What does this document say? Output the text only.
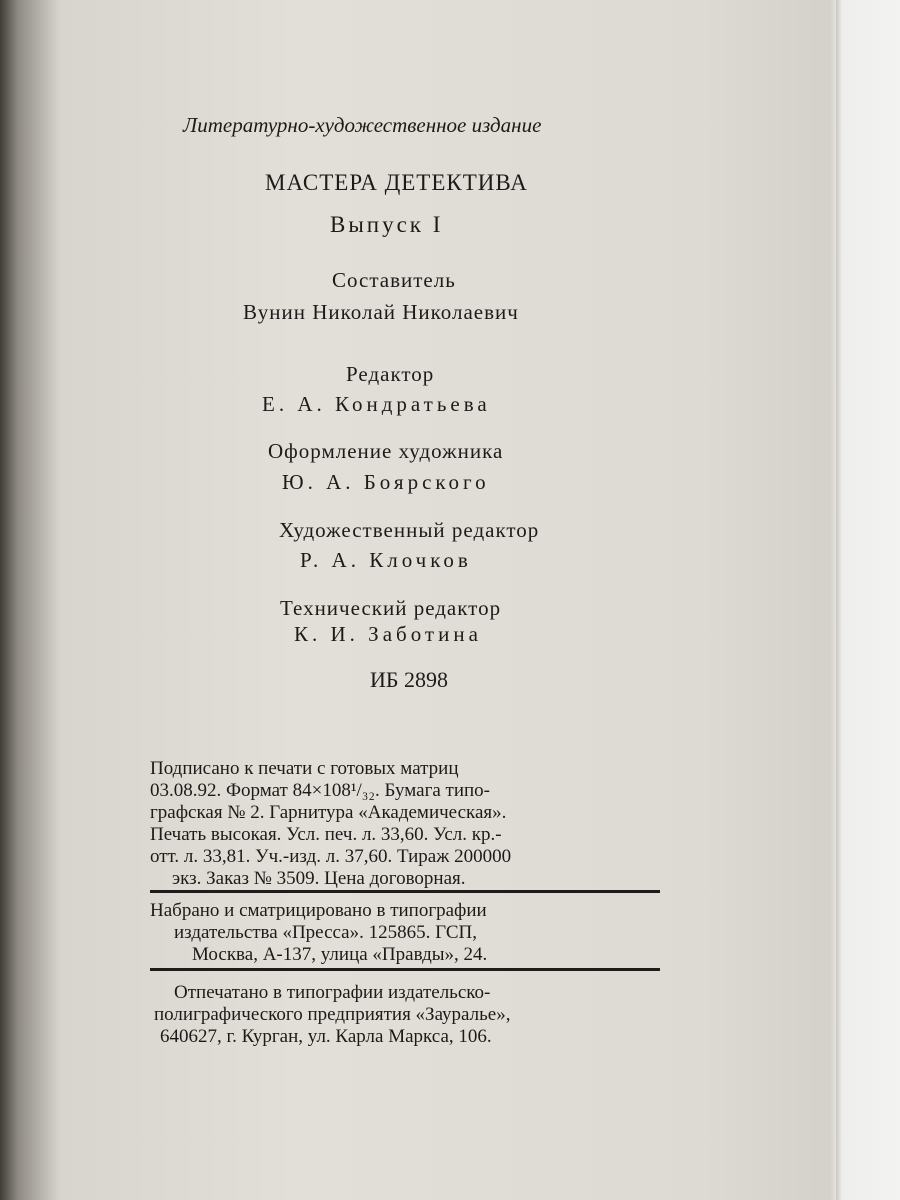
Литературно-художественное издание
МАСТЕРА ДЕТЕКТИВА
Выпуск I
Составитель
Вунин Николай Николаевич
Редактор
Е. А. Кондратьева
Оформление художника
Ю. А. Боярского
Художественный редактор
Р. А. Клочков
Технический редактор
К. И. Заботина
ИБ 2898
Подписано к печати с готовых матриц
03.08.92. Формат 84×108¹/₃₂. Бумага типо-
графская № 2. Гарнитура «Академическая».
Печать высокая. Усл. печ. л. 33,60. Усл. кр.-
отт. л. 33,81. Уч.-изд. л. 37,60. Тираж 200000
экз. Заказ № 3509. Цена договорная.
Набрано и сматрицировано в типографии
издательства «Пресса». 125865. ГСП,
Москва, А-137, улица «Правды», 24.
Отпечатано в типографии издательско-
полиграфического предприятия «Зауралье»,
640627, г. Курган, ул. Карла Маркса, 106.
